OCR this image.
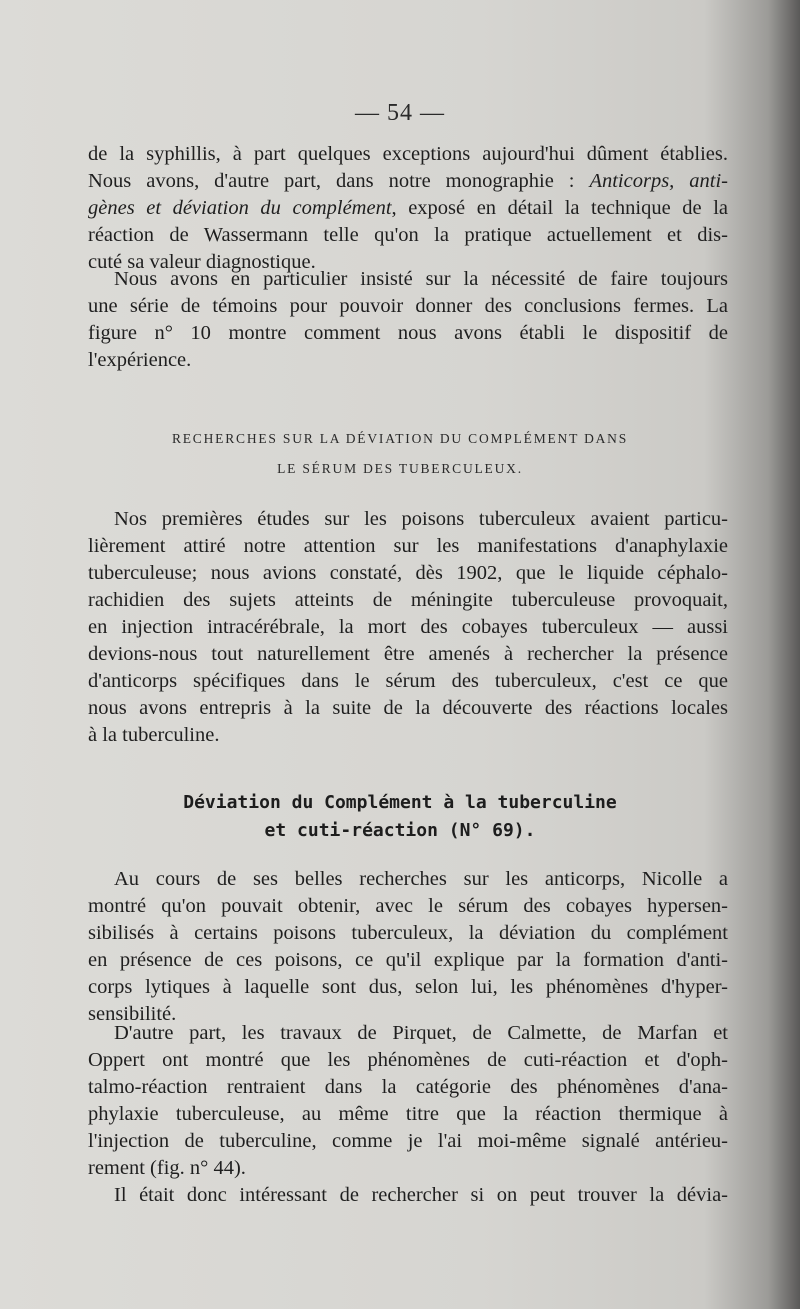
— 54 —
de la syphillis, à part quelques exceptions aujourd'hui dûment établies.
Nous avons, d'autre part, dans notre monographie : Anticorps, anti-
gènes et déviation du complément, exposé en détail la technique de la
réaction de Wassermann telle qu'on la pratique actuellement et dis-
cuté sa valeur diagnostique.
Nous avons en particulier insisté sur la nécessité de faire toujours
une série de témoins pour pouvoir donner des conclusions fermes. La
figure n° 10 montre comment nous avons établi le dispositif de
l'expérience.
RECHERCHES SUR LA DÉVIATION DU COMPLÉMENT DANS
LE SÉRUM DES TUBERCULEUX.
Nos premières études sur les poisons tuberculeux avaient particu-
lièrement attiré notre attention sur les manifestations d'anaphylaxie
tuberculeuse; nous avions constaté, dès 1902, que le liquide céphalo-
rachidien des sujets atteints de méningite tuberculeuse provoquait,
en injection intracérébrale, la mort des cobayes tuberculeux — aussi
devions-nous tout naturellement être amenés à rechercher la présence
d'anticorps spécifiques dans le sérum des tuberculeux, c'est ce que
nous avons entrepris à la suite de la découverte des réactions locales
à la tuberculine.
Déviation du Complément à la tuberculine
et cuti-réaction (N° 69).
Au cours de ses belles recherches sur les anticorps, Nicolle a
montré qu'on pouvait obtenir, avec le sérum des cobayes hypersen-
sibilisés à certains poisons tuberculeux, la déviation du complément
en présence de ces poisons, ce qu'il explique par la formation d'anti-
corps lytiques à laquelle sont dus, selon lui, les phénomènes d'hyper-
sensibilité.
D'autre part, les travaux de Pirquet, de Calmette, de Marfan et
Oppert ont montré que les phénomènes de cuti-réaction et d'oph-
talmo-réaction rentraient dans la catégorie des phénomènes d'ana-
phylaxie tuberculeuse, au même titre que la réaction thermique à
l'injection de tuberculine, comme je l'ai moi-même signalé antérieu-
rement (fig. n° 44).
Il était donc intéressant de rechercher si on peut trouver la dévia-
